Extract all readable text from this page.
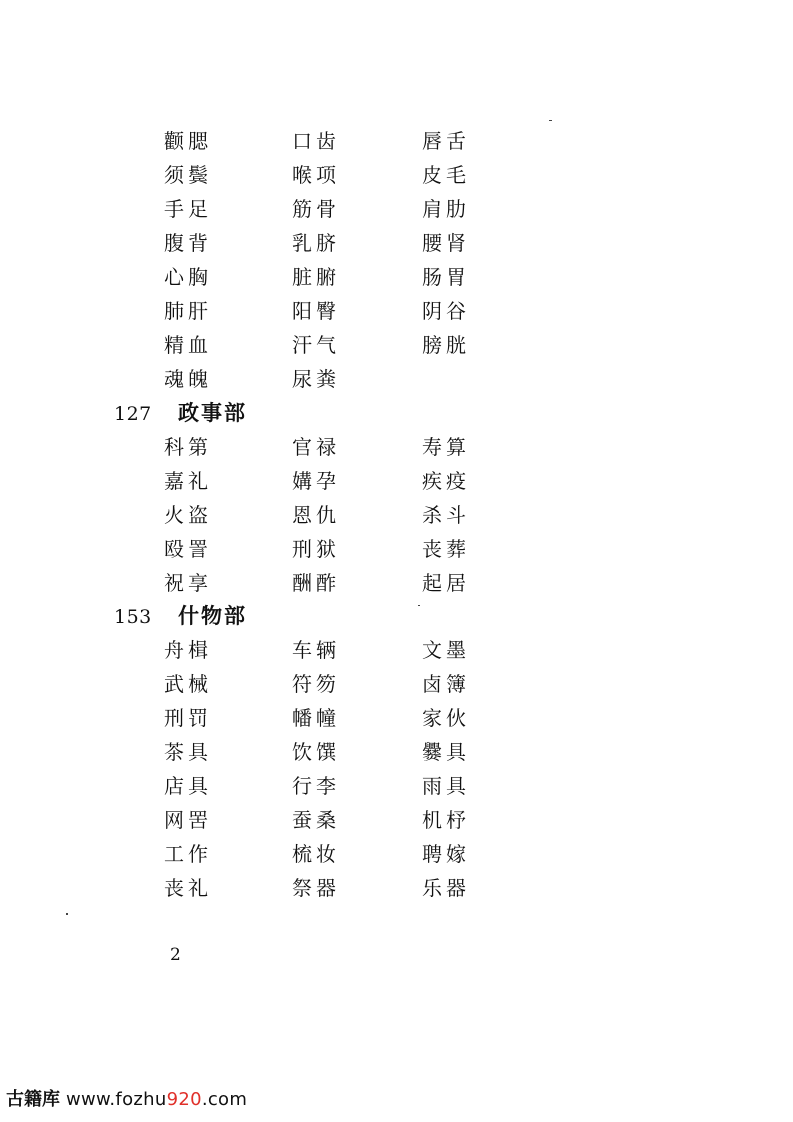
颧腮	口齿	唇舌
须鬓	喉项	皮毛
手足	筋骨	肩肋
腹背	乳脐	腰肾
心胸	脏腑	肠胃
肺肝	阳臀	阴谷
精血	汗气	膀胱
魂魄	尿粪
127 政事部
科第	官禄	寿算
嘉礼	媾孕	疾疫
火盗	恩仇	杀斗
殴詈	刑狱	丧葬
祝享	酬酢	起居
153 什物部
舟楫	车辆	文墨
武械	符笏	卤簿
刑罚	幡幢	家伙
茶具	饮馔	爨具
店具	行李	雨具
网罟	蚕桑	机杼
工作	梳妆	聘嫁
丧礼	祭器	乐器
2
古籍库 www.fozhu920.com
